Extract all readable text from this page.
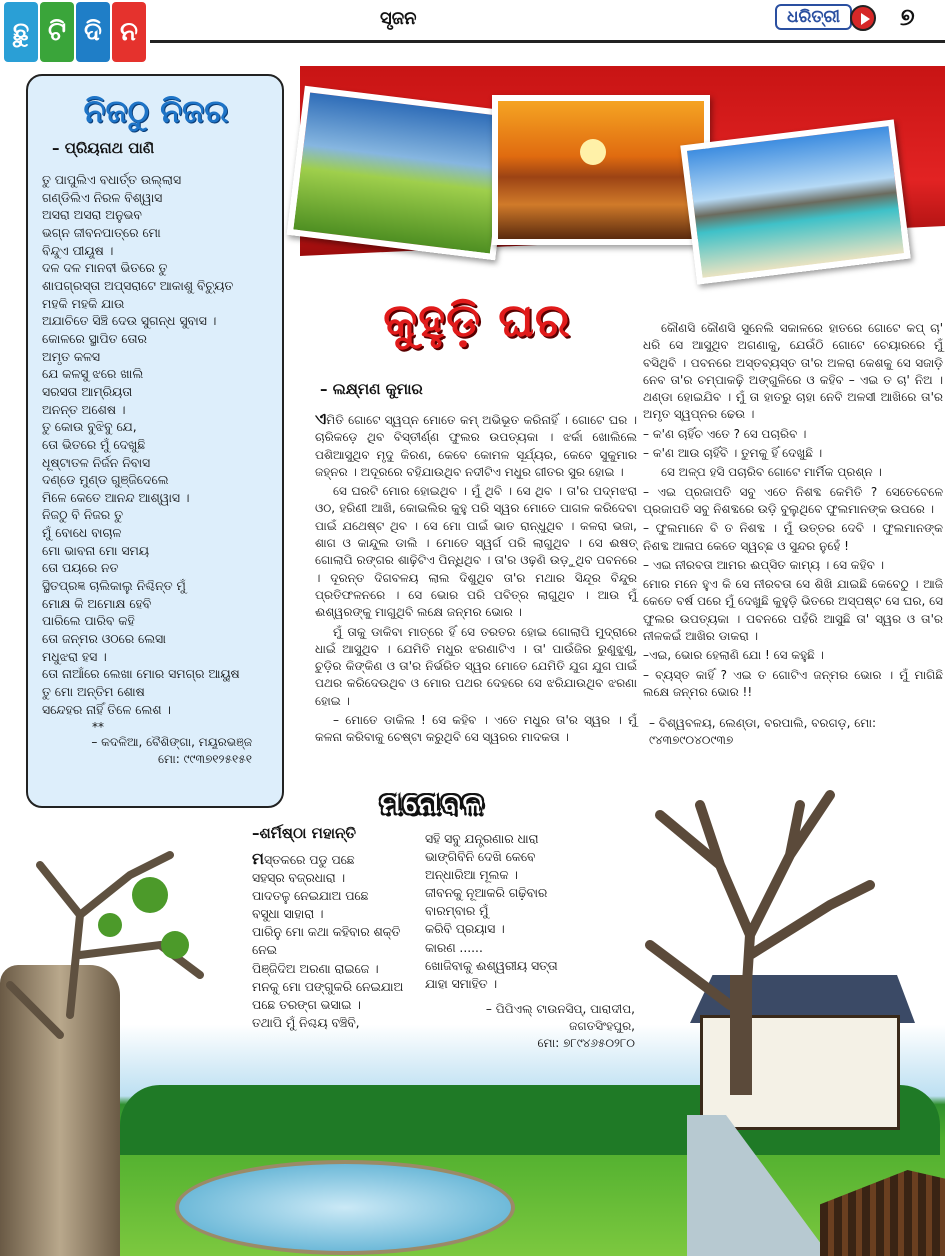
ଛୁ ଟି ଦି ନ	ସୃଜନ	ଧରିତ୍ରୀ	୭
ନିଜଠୁ ନିଜର
– ପ୍ରିୟନାଥ ପାଣି
ତୁ ପାପୁଲିଏ ବଧାର୍ତ୍ତ ଉଲ୍ଲାସ
ଗଣ୍ଡିଲିଏ ନିରଳ ବିଶ୍ୱାସ
ଅସରା ଅସରା ଅନୁଭବ
ଭଗ୍ନ ଜୀବନପାତ୍ରେ ମୋ
ବିନ୍ଦୁଏ ପୀୟୂଷ ।
ଦଳ ଦଳ ମାନବୀ ଭିତରେ ତୁ
ଶାପଗ୍ରସ୍ତା ଅପ୍ସରାଟେ ଆକାଶୁ ବିଚ୍ୟୁତ
ମହକି ମହକି ଯାଉ
ଅଯାଚିତେ ସିଞ୍ଚି ଦେଉ ସୁଗନ୍ଧ ସୁବାସ ।
କୋଳରେ ସ୍ଥାପିତ ତୋର
ଅମୃତ କଳସ
ଯେ କଳସୁ ଝରେ ଖାଲି
ସରସତା ଆମ୍ରିୟତା
ଅନନ୍ତ ଅଶେଷ ।
ତୁ କୋଉ ବୁଝିବୁ ଯେ,
ତୋ ଭିତରେ ମୁଁ ଦେଖୁଛି
ଧୂଷ୍ଟାତଳ ନିର୍ଜନ ନିବାସ
ଦଣ୍ଡେ ମୁଣ୍ଡ ଗୁଞ୍ଜିଦେଲେ
ମିଳେ କେତେ ଆନନ୍ଦ ଆଶ୍ୱାସ ।
ନିଜଠୁ ବି ନିଜର ତୁ
ମୁଁ ବୋଧେ ବାଚାଳ
ମୋ ଭାବନା ମୋ ସମୟ
ତୋ ପୟରେ ନତ
ସ୍ଥିତପ୍ରଜ୍ଞ ଚାଲିକାଲୁ ନିଶ୍ଚିନ୍ତ ମୁଁ
ମୋକ୍ଷ କି ଅମୋକ୍ଷ ହେବି
ପାରିଲେ ପାରିବ କହି
ତୋ ଜନ୍ମର ଓଠରେ ଲେସା
ମଧୁଝରା ହସ ।
ତୋ ନାଆଁରେ ଲେଖା ମୋର ସମଗ୍ର ଆୟୁଷ
ତୁ ମୋ ଅନ୍ତିମ ଶୋଷ
ସନ୍ଦେହର ନାହିଁ ତିଳେ ଲେଶ ।
**
– କଦଳିଆ, ବୈଶିଙ୍ଗା, ମୟୂରଭଞ୍ଜ
ମୋ: ୯୯୩୭୧୨୫୧୫୧
କୁହୁଡ଼ି ଘର
– ଲକ୍ଷ୍ମଣ କୁମାର
ଏମିତି ଗୋଟେ ସ୍ୱପ୍ନ ମୋତେ କମ୍ ଅଭିଭୂତ କରିନାହିଁ । ଗୋଟେ ଘର । ଚାରିକଡ଼େ ଥିବ ବିସ୍ତୀର୍ଣ୍ଣ ଫୁଲର ଉପତ୍ୟକା । ଝର୍କା ଖୋଲିଲେ ପଶିଆସୁଥିବ ମୃଦୁ କିରଣ, କେବେ କୋମଳ ସୂର୍ଯ୍ୟର, କେବେ ସୁକୁମାର ଜହ୍ନର । ଅଦୂରରେ ବହିଯାଉଥିବ ନଦୀଟିଏ ମଧୁର ଗୀତର ସୁର ହୋଇ ।
ସେ ଘରଟି ମୋର ହୋଇଥିବ । ମୁଁ ଥିବି । ସେ ଥିବ । ତା'ର ପଦ୍ମଝରା ଓଠ, ହରିଣୀ ଆଖି, କୋଇଲିର କୁହୁ ପରି ସ୍ୱର ମୋତେ ପାଗଳ କରିଦେବା ପାଇଁ ଯଥେଷ୍ଟ ଥିବ । ସେ ମୋ ପାଇଁ ଭାତ ରାନ୍ଧୁଥିବ । କଳରା ଭଜା, ଶାଗ ଓ କାନ୍ଦୁଲ ଡାଲି । ମୋତେ ସ୍ୱର୍ଗ ପରି ଲାଗୁଥିବ । ସେ ଈଷତ୍ ଗୋଲାପି ରଙ୍ଗର ଶାଢ଼ିଟିଏ ପିନ୍ଧିଥିବ । ତା'ର ଓଢ଼ଣି ଉଡ଼ୁଥିବ ପବନରେ । ଦୂରନ୍ତ ଦିଗବଳୟ ଲାଲ ଦିଶୁଥିବ ତା'ର ମଥାର ସିନ୍ଦୂର ବିନ୍ଦୁର ପ୍ରତିଫଳନରେ । ସେ ଭୋର ପରି ପବିତ୍ର ଲାଗୁଥିବ । ଆଉ ମୁଁ ଈଶ୍ୱରଙ୍କୁ ମାଗୁଥିବି ଲକ୍ଷେ ଜନ୍ମର ଭୋର ।
ମୁଁ ତାକୁ ଡାକିବା ମାତ୍ରେ ହିଁ ସେ ତରତର ହୋଇ ଗୋଲାପି ମୁଦ୍ରାରେ ଧାଇଁ ଆସୁଥିବ । ଯେମିତି ମଧୁର ଝରଣାଟିଏ । ତା' ପାଉଁଜିର ରୁଣୁଝୁଣୁ, ଚୁଡ଼ିର କିଙ୍କିଣ ଓ ତା'ର ନିର୍ଭରିତ ସ୍ୱର ମୋତେ ଯେମିତି ଯୁଗ ଯୁଗ ପାଇଁ ପଥର କରିଦେଉଥିବ ଓ ମୋର ପଥର ଦେହରେ ସେ ଝରିଯାଉଥିବ ଝରଣା ହୋଇ ।
– ମୋତେ ଡାକିଲ ! ସେ କହିବ । ଏତେ ମଧୁର ତା'ର ସ୍ୱର । ମୁଁ କଳନା କରିବାକୁ ଚେଷ୍ଟା କରୁଥିବି ସେ ସ୍ୱରର ମାଦକତା ।
କୌଣସି କୌଣସି ସୁନେଲି ସକାଳରେ ହାତରେ ଗୋଟେ କପ୍ ଚା' ଧରି ସେ ଆସୁଥିବ ଅଗଣାକୁ, ଯେଉଁଠି ଗୋଟେ ଚେୟାରରେ ମୁଁ ବସିଥିବି । ପବନରେ ଅସ୍ତବ୍ୟସ୍ତ ତା'ର ଅଳରା କେଶକୁ ସେ ସଜାଡ଼ି ନେବ ତା'ର ଚମ୍ପାକଢ଼ି ଅଙ୍ଗୁଳିରେ ଓ କହିବ – ଏଇ ତ ଚା' ନିଅ । ଥଣ୍ଡା ହୋଇଯିବ । ମୁଁ ତା ହାତରୁ ଚାହା ନେବି ଅଳସୀ ଆଖିରେ ତା'ର ଅମୃତ ସ୍ୱପ୍ନର ଢେଉ ।
– କ'ଣ ଚାହିଁଚ ଏତେ ? ସେ ପଚାରିବ ।
– କ'ଣ ଆଉ ଚାହିଁବି । ତୁମକୁ ହିଁ ଦେଖୁଛି ।
ସେ ଅଳ୍ପ ହସି ପଚାରିବ ଗୋଟେ ମାର୍ମିକ ପ୍ରଶ୍ନ ।
– ଏଇ ପ୍ରଜାପତି ସବୁ ଏତେ ନିଶବ୍ଦ କେମିତି ? ସେତେବେଳେ ପ୍ରଜାପତି ସବୁ ନିଶବ୍ଦରେ ଉଡ଼ି ବୁଲୁଥିବେ ଫୁଲମାନଙ୍କ ଉପରେ ।
– ଫୁଲମାନେ ବି ତ ନିଶବ୍ଦ । ମୁଁ ଉତ୍ତର ଦେବି । ଫୁଲମାନଙ୍କ ନିଶବ୍ଦ ଆଳାପ କେତେ ସ୍ୱଚ୍ଛ ଓ ସୁନ୍ଦର ନୁହେଁ !
– ଏଇ ନୀରବତା ଆମର ଈପ୍ସିତ କାମ୍ୟ । ସେ କହିବ ।
ମୋର ମନେ ହୁଏ କି ସେ ନୀରବତା ସେ ଶିଖି ଯାଇଛି କେବେଠୁ । ଆଜି କେତେ ବର୍ଷ ପରେ ମୁଁ ଦେଖୁଛି କୁହୁଡ଼ି ଭିତରେ ଅସ୍ପଷ୍ଟ ସେ ଘର, ସେ ଫୁଲର ଉପତ୍ୟକା । ପବନରେ ପହଁରି ଆସୁଛି ତା' ସ୍ୱର ଓ ତା'ର ନୀଳକଇଁ ଆଖିର ଡାକରା ।
–ଏଇ, ଭୋର ହେଲାଣି ଯୋ ! ସେ କହୁଛି ।
– ବ୍ୟସ୍ତ କାହିଁ ? ଏଇ ତ ଗୋଟିଏ ଜନ୍ମର ଭୋର । ମୁଁ ମାଗିଛି ଲକ୍ଷେ ଜନ୍ମର ଭୋର !!
– ବିଶ୍ୱବଳୟ, ଲେଣ୍ଡା, ବରପାଲି, ବରଗଡ଼, ମୋ: ୯୪୩୭୯୦୪୦୯୩୭
ମନୋବଳ
–ଶର୍ମିଷ୍ଠା ମହାନ୍ତି
ମସ୍ତକରେ ପଡୁ ପଛେ
ସହସ୍ର ବଜ୍ରଧାରା ।
ପାଦତଳୁ ନେଇଯାଅ ପଛେ
ବସୁଧା ସାହାରା ।
ପାରିନୁ ମୋ କଥା କହିବାର ଶକ୍ତି
ନେଇ
ପିଞ୍ଜିଦିଅ ଅରଣା ରାଇଜେ ।
ମନକୁ ମୋ ପଙ୍ଗୁକରି ନେଇଯାଅ
ପଛେ ତରଙ୍ଗ ଭସାଇ ।
ତଥାପି ମୁଁ ନିଶ୍ଚୟ ବଞ୍ଚିବି,
ସହି ସବୁ ଯନ୍ତ୍ରଣାର ଧାରା
ଭାଙ୍ଗିବିନି ଦେଖି କେବେ
ଅନ୍ଧାରିଆ ମୂଲକ ।
ଜୀବନକୁ ନୂଆକରି ଗଢ଼ିବାର
ବାରମ୍ବାର ମୁଁ
କରିବି ପ୍ରୟାସ ।
କାରଣ ......
ଖୋଜିବାକୁ ଈଶ୍ୱରୀୟ ସତ୍ତା
ଯାହା ସମାହିତ ।
– ପିପିଏଲ୍ ଟାଉନସିପ୍, ପାରାଦୀପ,
ଜଗତସିଂହପୁର,
ମୋ: ୭୮୯୪୬୫୦୨୮୦
